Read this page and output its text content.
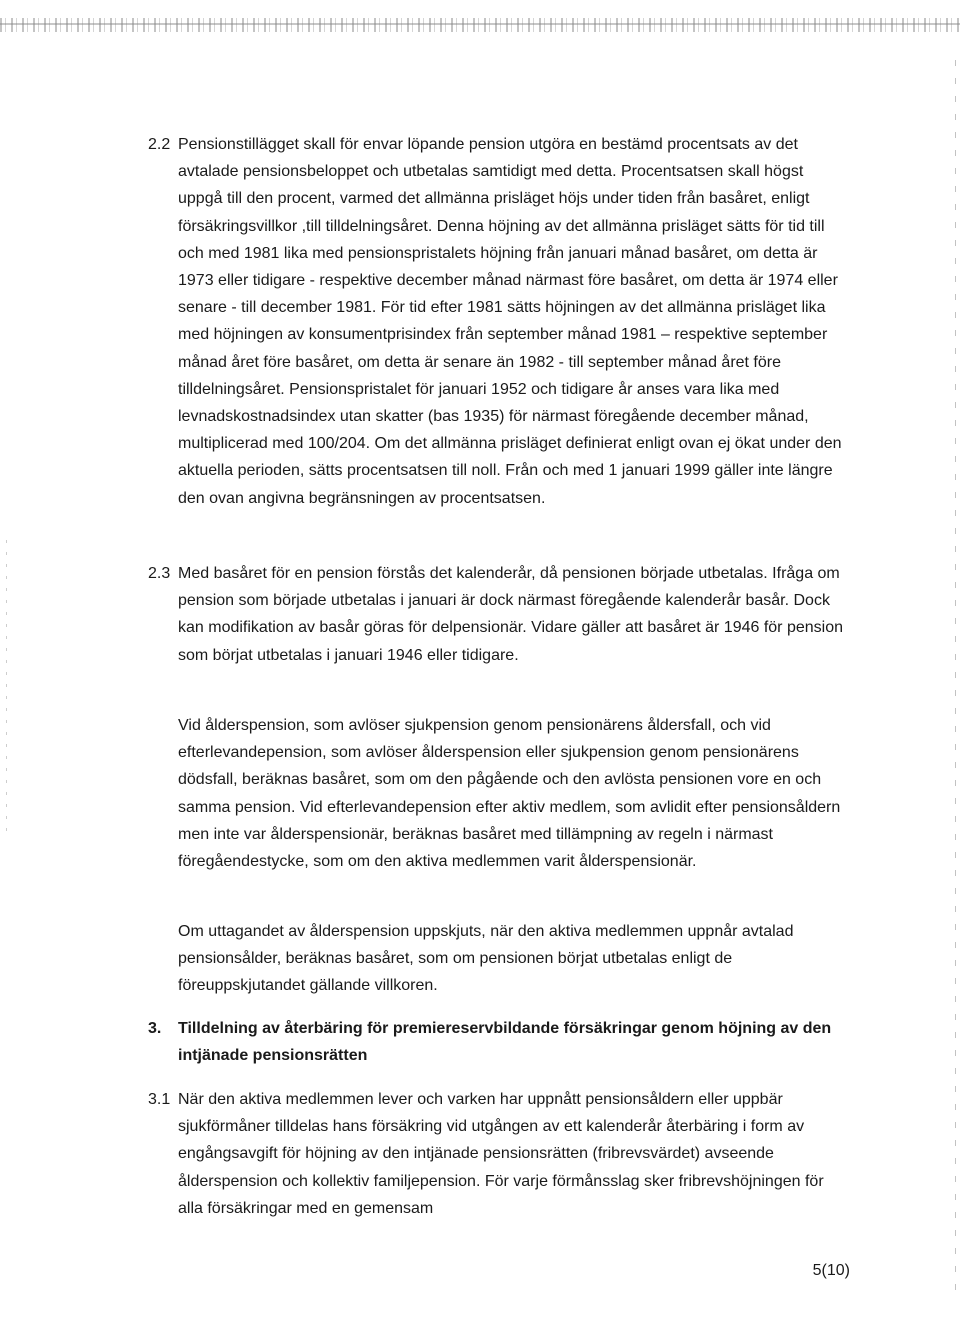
2.2 Pensionstillägget skall för envar löpande pension utgöra en bestämd procentsats av det avtalade pensionsbeloppet och utbetalas samtidigt med detta. Procentsatsen skall högst uppgå till den procent, varmed det allmänna prisläget höjs under tiden från basåret, enligt försäkringsvillkor ,till tilldelningsåret. Denna höjning av det allmänna prisläget sätts för tid till och med 1981 lika med pensionspristalets höjning från januari månad basåret, om detta är 1973 eller tidigare - respektive december månad närmast före basåret, om detta är 1974 eller senare - till december 1981. För tid efter 1981 sätts höjningen av det allmänna prisläget lika med höjningen av konsumentprisindex från september månad 1981 – respektive september månad året före basåret, om detta är senare än 1982 - till september månad året före tilldelningsåret. Pensionspristalet för januari 1952 och tidigare år anses vara lika med levnadskostnadsindex utan skatter (bas 1935) för närmast föregående december månad, multiplicerad med 100/204. Om det allmänna prisläget definierat enligt ovan ej ökat under den aktuella perioden, sätts procentsatsen till noll. Från och med 1 januari 1999 gäller inte längre den ovan angivna begränsningen av procentsatsen.
2.3 Med basåret för en pension förstås det kalenderår, då pensionen började utbetalas. Ifråga om pension som började utbetalas i januari är dock närmast föregående kalenderår basår. Dock kan modifikation av basår göras för delpensionär. Vidare gäller att basåret är 1946 för pension som börjat utbetalas i januari 1946 eller tidigare.
Vid ålderspension, som avlöser sjukpension genom pensionärens åldersfall, och vid efterlevandepension, som avlöser ålderspension eller sjukpension genom pensionärens dödsfall, beräknas basåret, som om den pågående och den avlösta pensionen vore en och samma pension. Vid efterlevandepension efter aktiv medlem, som avlidit efter pensionsåldern men inte var ålderspensionär, beräknas basåret med tillämpning av regeln i närmast föregåendestycke, som om den aktiva medlemmen varit ålderspensionär.
Om uttagandet av ålderspension uppskjuts, när den aktiva medlemmen uppnår avtalad pensionsålder, beräknas basåret, som om pensionen börjat utbetalas enligt de föreuppskjutandet gällande villkoren.
3. Tilldelning av återbäring för premiereservbildande försäkringar genom höjning av den intjänade pensionsrätten
3.1 När den aktiva medlemmen lever och varken har uppnått pensionsåldern eller uppbär sjukförmåner tilldelas hans försäkring vid utgången av ett kalenderår återbäring i form av engångsavgift för höjning av den intjänade pensionsrätten (fribrevsvärdet) avseende ålderspension och kollektiv familjepension. För varje förmånsslag sker fribrevshöjningen för alla försäkringar med en gemensam
5(10)
